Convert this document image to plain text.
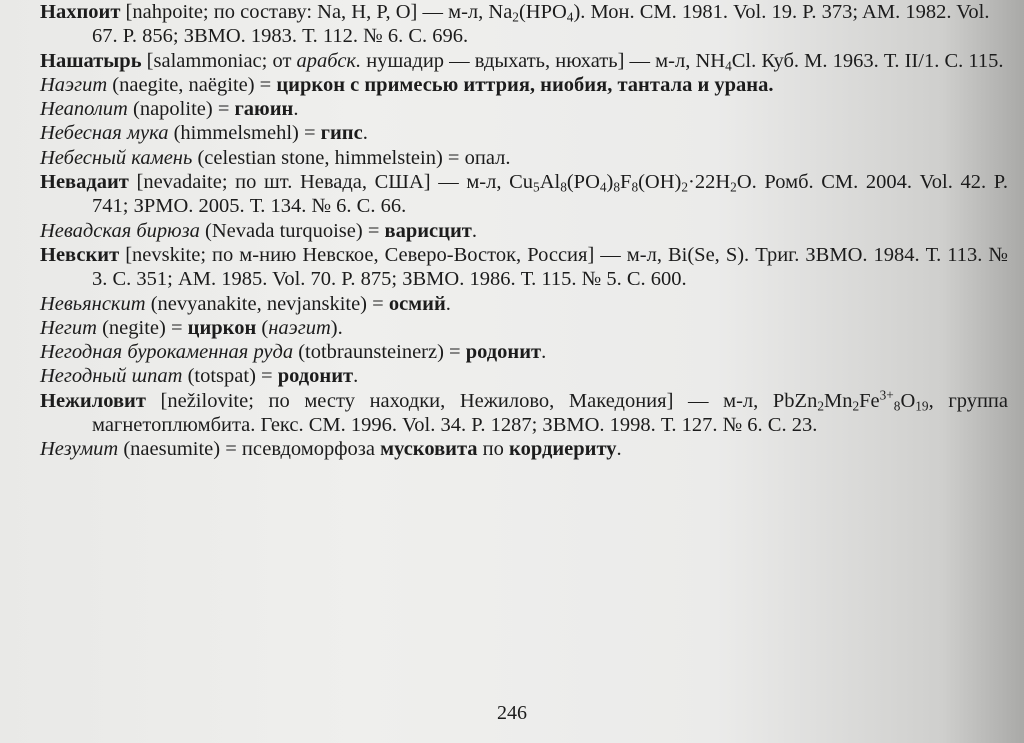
Нахпоит [nahpoite; по составу: Na, H, P, O] — м-л, $Na_2(HPO_4)$. Мон. СМ. 1981. Vol. 19. P. 373; AM. 1982. Vol. 67. P. 856; ЗВМО. 1983. Т. 112. № 6. С. 696.

Нашатырь [salammoniac; от арабск. нушадир — вдыхать, нюхать] — м-л, $NH_4Cl$. Куб. M. 1963. Т. II/1. С. 115.

Наэгит (naegite, naëgite) = циркон с примесью иттрия, ниобия, тантала и урана.

Неаполит (napolite) = гаюин.

Небесная мука (himmelsmehl) = гипс.

Небесный камень (celestian stone, himmelstein) = опал.

Невадаит [nevadaite; по шт. Невада, США] — м-л, $Cu_5Al_8(PO_4)_8F_8(OH)_2\cdot 22H_2O$. Ромб. СМ. 2004. Vol. 42. P. 741; ЗРМО. 2005. Т. 134. № 6. С. 66.

Невадская бирюза (Nevada turquoise) = варисцит.

Невскит [nevskite; по м-нию Невское, Северо-Восток, Россия] — м-л, Bi(Se, S). Триг. ЗВМО. 1984. Т. 113. № 3. С. 351; AM. 1985. Vol. 70. P. 875; ЗВМО. 1986. Т. 115. № 5. С. 600.

Невьянскит (nevyanakite, nevjanskite) = осмий.

Негит (negite) = циркон (наэгит).

Негодная бурокаменная руда (totbraunsteinerz) = родонит.

Негодный шпат (totspat) = родонит.

Нежиловит [nežilovite; по месту находки, Нежилово, Македония] — м-л, $PbZn_2Mn_2Fe^{3+}_8O_{19}$, группа магнетоплюмбита. Гекс. СМ. 1996. Vol. 34. P. 1287; ЗВМО. 1998. Т. 127. № 6. С. 23.

Незумит (naesumite) = псевдоморфоза мусковита по кордиериту.

246
